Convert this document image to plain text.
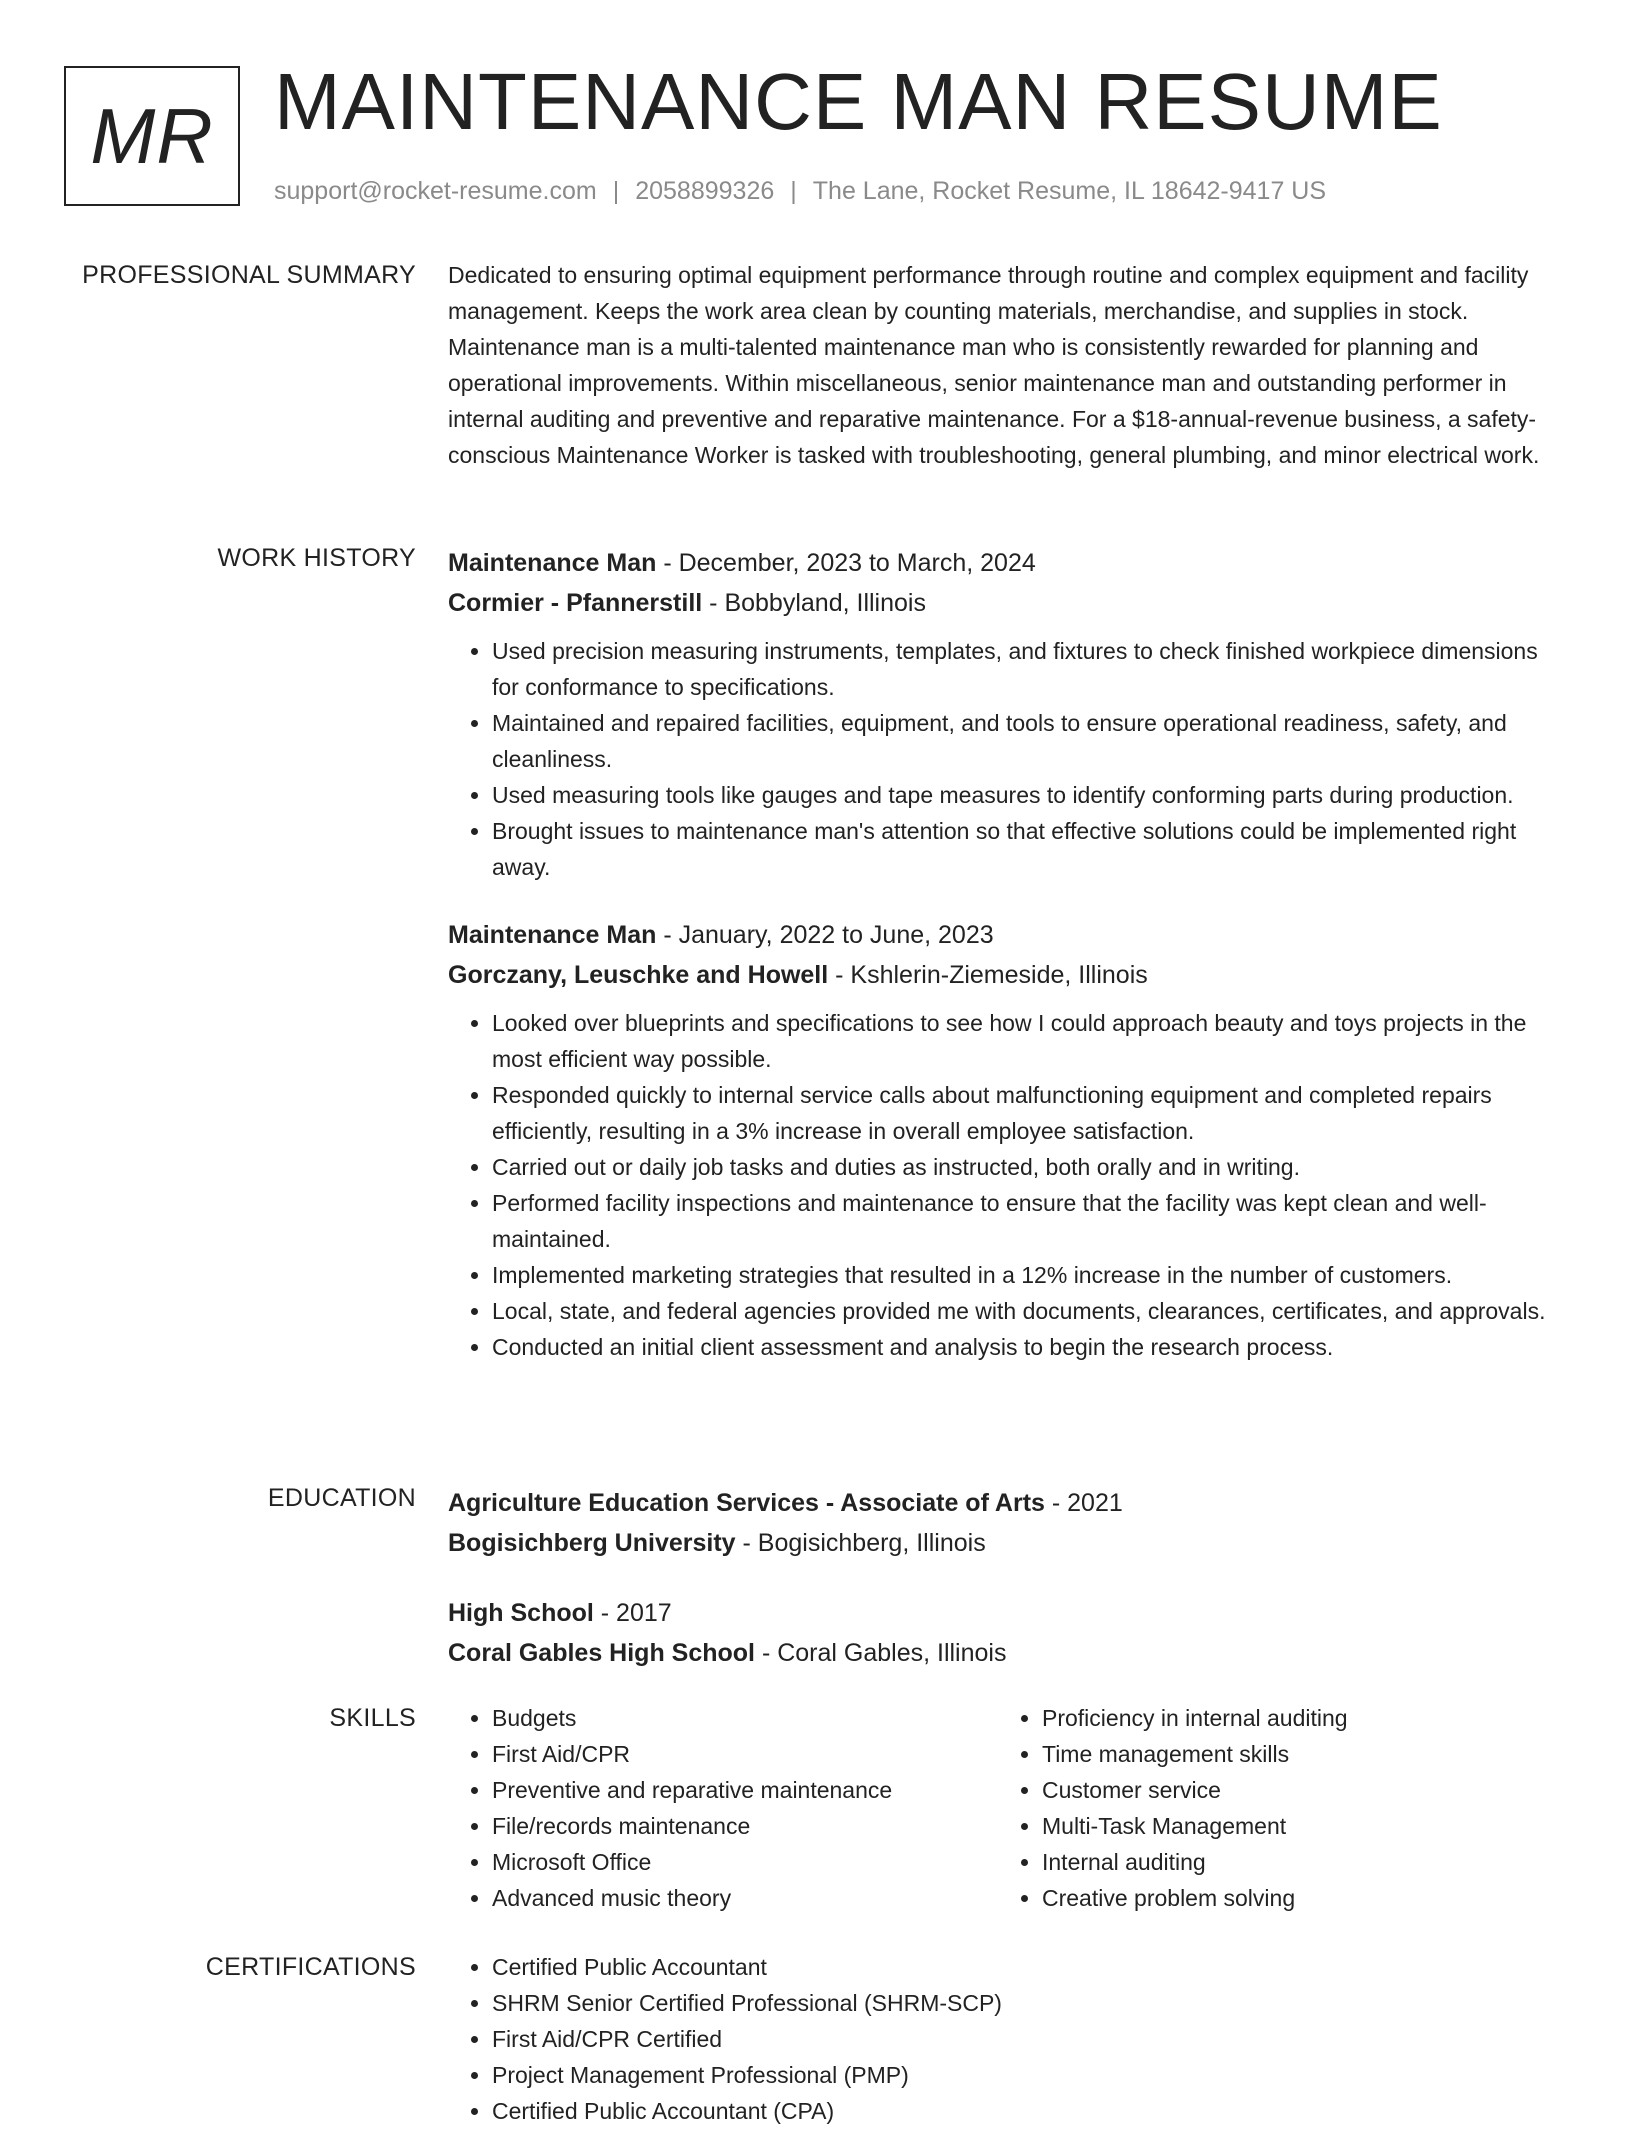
MR MAINTENANCE MAN RESUME
support@rocket-resume.com | 2058899326 | The Lane, Rocket Resume, IL 18642-9417 US
PROFESSIONAL SUMMARY Dedicated to ensuring optimal equipment performance through routine and complex equipment and facility management. Keeps the work area clean by counting materials, merchandise, and supplies in stock. Maintenance man is a multi-talented maintenance man who is consistently rewarded for planning and operational improvements. Within miscellaneous, senior maintenance man and outstanding performer in internal auditing and preventive and reparative maintenance. For a $18-annual-revenue business, a safety-conscious Maintenance Worker is tasked with troubleshooting, general plumbing, and minor electrical work.

WORK HISTORY Maintenance Man - December, 2023 to March, 2024
Cormier - Pfannerstill - Bobbyland, Illinois
• Used precision measuring instruments, templates, and fixtures to check finished workpiece dimensions for conformance to specifications.
• Maintained and repaired facilities, equipment, and tools to ensure operational readiness, safety, and cleanliness.
• Used measuring tools like gauges and tape measures to identify conforming parts during production.
• Brought issues to maintenance man's attention so that effective solutions could be implemented right away.
Maintenance Man - January, 2022 to June, 2023
Gorczany, Leuschke and Howell - Kshlerin-Ziemeside, Illinois
• Looked over blueprints and specifications to see how I could approach beauty and toys projects in the most efficient way possible.
• Responded quickly to internal service calls about malfunctioning equipment and completed repairs efficiently, resulting in a 3% increase in overall employee satisfaction.
• Carried out or daily job tasks and duties as instructed, both orally and in writing.
• Performed facility inspections and maintenance to ensure that the facility was kept clean and well-maintained.
• Implemented marketing strategies that resulted in a 12% increase in the number of customers.
• Local, state, and federal agencies provided me with documents, clearances, certificates, and approvals.
• Conducted an initial client assessment and analysis to begin the research process.
EDUCATION Agriculture Education Services - Associate of Arts - 2021
Bogisichberg University - Bogisichberg, Illinois
High School - 2017
Coral Gables High School - Coral Gables, Illinois
SKILLS	• Budgets
• First Aid/CPR
• Preventive and reparative maintenance
• File/records maintenance
• Microsoft Office
• Advanced music theory
• Proficiency in internal auditing
• Time management skills
• Customer service
• Multi-Task Management
• Internal auditing
• Creative problem solving
CERTIFICATIONS	• Certified Public Accountant
• SHRM Senior Certified Professional (SHRM-SCP)
• First Aid/CPR Certified
• Project Management Professional (PMP)
• Certified Public Accountant (CPA)
